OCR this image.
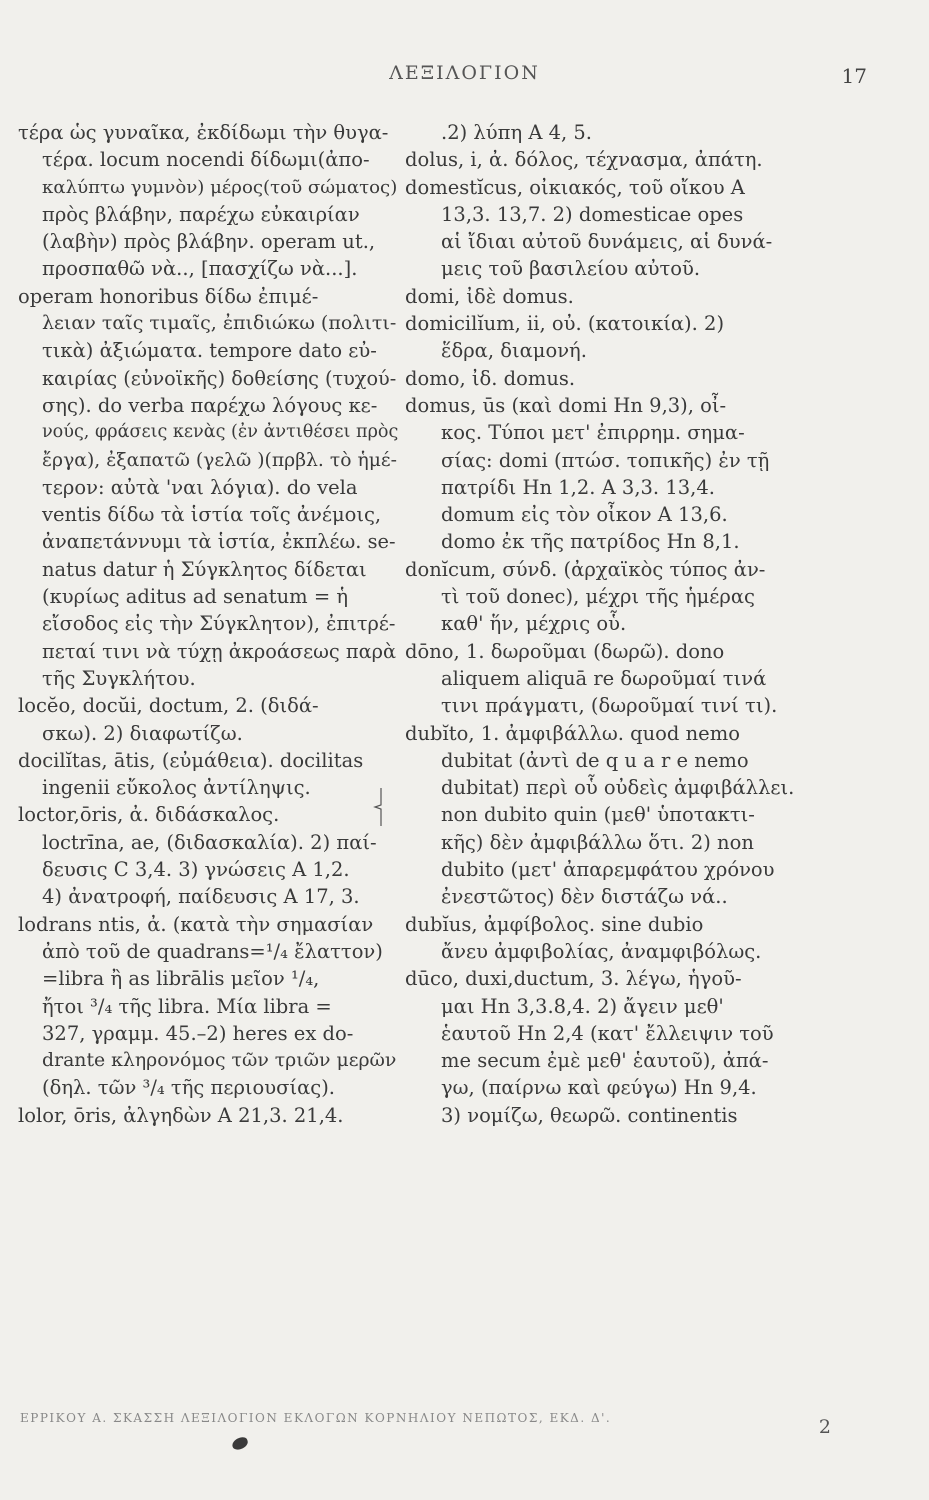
ΛΕΞΙΛΟΓΙΟΝ	17
τέρα ὡς γυναῖκα, ἐκδίδωμι τὴν θυγα-
τέρα. locum nocendi δίδωμι(ἀπο-
καλύπτω γυμνὸν) μέρος(τοῦ σώματος)
πρὸς βλάβην, παρέχω εὐκαιρίαν
(λαβὴν) πρὸς βλάβην. operam ut.,
προσπαθῶ νὰ.., [πασχίζω νὰ...].
operam honoribus δίδω ἐπιμέ-
λειαν ταῖς τιμαῖς, ἐπιδιώκω (πολιτι-
τικὰ) ἀξιώματα. tempore dato εὐ-
καιρίας (εὐνοϊκῆς) δοθείσης (τυχού-
σης). do verba παρέχω λόγους κε-
νούς, φράσεις κενὰς (ἐν ἀντιθέσει πρὸς
ἔργα), ἐξαπατῶ (γελῶ )(πρβλ. τὸ ἡμέ-
τερον: αὐτὰ 'ναι λόγια). do vela
ventis δίδω τὰ ἱστία τοῖς ἀνέμοις,
ἀναπετάννυμι τὰ ἱστία, ἐκπλέω. se-
natus datur ἡ Σύγκλητος δίδεται
(κυρίως aditus ad senatum = ἡ
εἴσοδος εἰς τὴν Σύγκλητον), ἐπιτρέ-
πεταί τινι νὰ τύχῃ ἀκροάσεως παρὰ
τῆς Συγκλήτου.
locĕo, docŭi, doctum, 2. (διδά-
σκω). 2) διαφωτίζω.
docilĭtas, ātis, (εὐμάθεια). docilitas
ingenii εὔκολος ἀντίληψις.
loctor,ōris, ἀ. διδάσκαλος.
loctrīna, ae, (διδασκαλία). 2) παί-
δευσις C 3,4. 3) γνώσεις A 1,2.
4) ἀνατροφή, παίδευσις A 17, 3.
lodrans ntis, ἀ. (κατὰ τὴν σημασίαν
ἀπὸ τοῦ de quadrans=¹/₄ ἔλαττον)
=libra ἢ as librālis μεῖον ¹/₄,
ἤτοι ³/₄ τῆς libra. Μία libra =
327, γραμμ. 45.–2) heres ex do-
drante κληρονόμος τῶν τριῶν μερῶν
(δηλ. τῶν ³/₄ τῆς περιουσίας).
lolor, ōris, ἀλγηδὼν A 21,3. 21,4.
.2) λύπη A 4, 5.
dolus, i, ἀ. δόλος, τέχνασμα, ἀπάτη.
domestĭcus, οἰκιακός, τοῦ οἴκου A
13,3. 13,7. 2) domesticae opes
αἱ ἴδιαι αὐτοῦ δυνάμεις, αἱ δυνά-
μεις τοῦ βασιλείου αὐτοῦ.
domi, ἰδὲ domus.
domicilĭum, ii, οὐ. (κατοικία). 2)
ἕδρα, διαμονή.
domo, ἰδ. domus.
domus, ūs (καὶ domi Hn 9,3), οἶ-
κος. Τύποι μετ' ἐπιρρημ. σημα-
σίας: domi (πτώσ. τοπικῆς) ἐν τῇ
πατρίδι Hn 1,2. A 3,3. 13,4.
domum εἰς τὸν οἶκον A 13,6.
domo ἐκ τῆς πατρίδος Hn 8,1.
donĭcum, σύνδ. (ἀρχαϊκὸς τύπος ἀν-
τὶ τοῦ donec), μέχρι τῆς ἡμέρας
καθ' ἥν, μέχρις οὗ.
dōno, 1. δωροῦμαι (δωρῶ). dono
aliquem aliquā re δωροῦμαί τινά
τινι πράγματι, (δωροῦμαί τινί τι).
dubĭto, 1. ἀμφιβάλλω. quod nemo
dubitat (ἀντὶ de q u a r e nemo
dubitat) περὶ οὗ οὐδεὶς ἀμφιβάλλει.
non dubito quin (μεθ' ὑποτακτι-
κῆς) δὲν ἀμφιβάλλω ὅτι. 2) non
dubito (μετ' ἀπαρεμφάτου χρόνου
ἐνεστῶτος) δὲν διστάζω νά..
dubĭus, ἀμφίβολος. sine dubio
ἄνευ ἀμφιβολίας, ἀναμφιβόλως.
dūco, duxi,ductum, 3. λέγω, ἡγοῦ-
μαι Hn 3,3.8,4. 2) ἄγειν μεθ'
ἑαυτοῦ Hn 2,4 (κατ' ἔλλειψιν τοῦ
me secum ἐμὲ μεθ' ἑαυτοῦ), ἀπά-
γω, (παίρνω καὶ φεύγω) Hn 9,4.
3) νομίζω, θεωρῶ. continentis
ΕΡΡΙΚΟΥ Α. ΣΚΑΣΣΗ ΛΕΞΙΛΟΓΙΟΝ ΕΚΛΟΓΩΝ ΚΟΡΝΗΛΙΟΥ ΝΕΠΩΤΟΣ, ΕΚΔ. Δ'.	2
